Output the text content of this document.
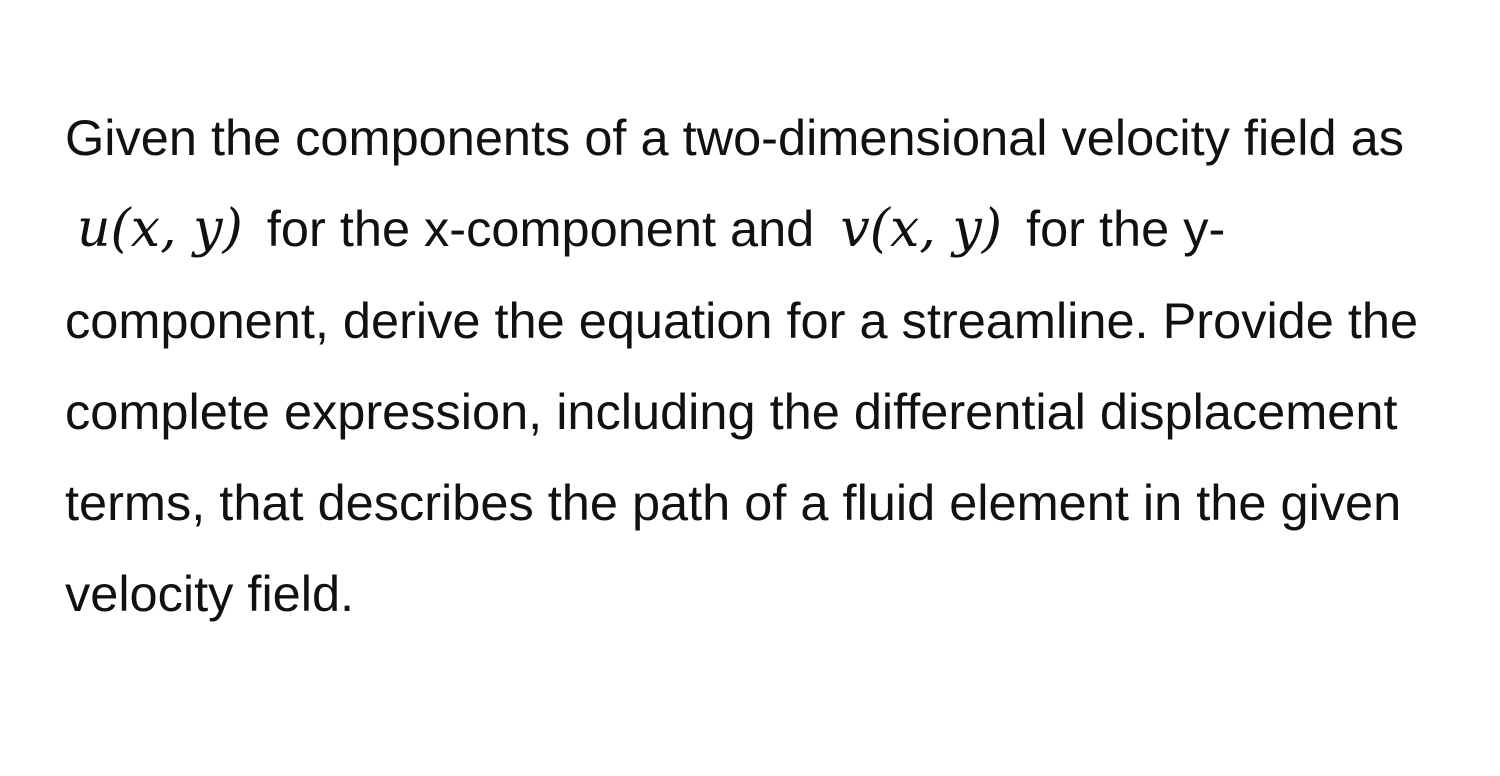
Given the components of a two-dimensional velocity field as u(x, y) for the x-component and v(x, y) for the y-component, derive the equation for a streamline. Provide the complete expression, including the differential displacement terms, that describes the path of a fluid element in the given velocity field.
